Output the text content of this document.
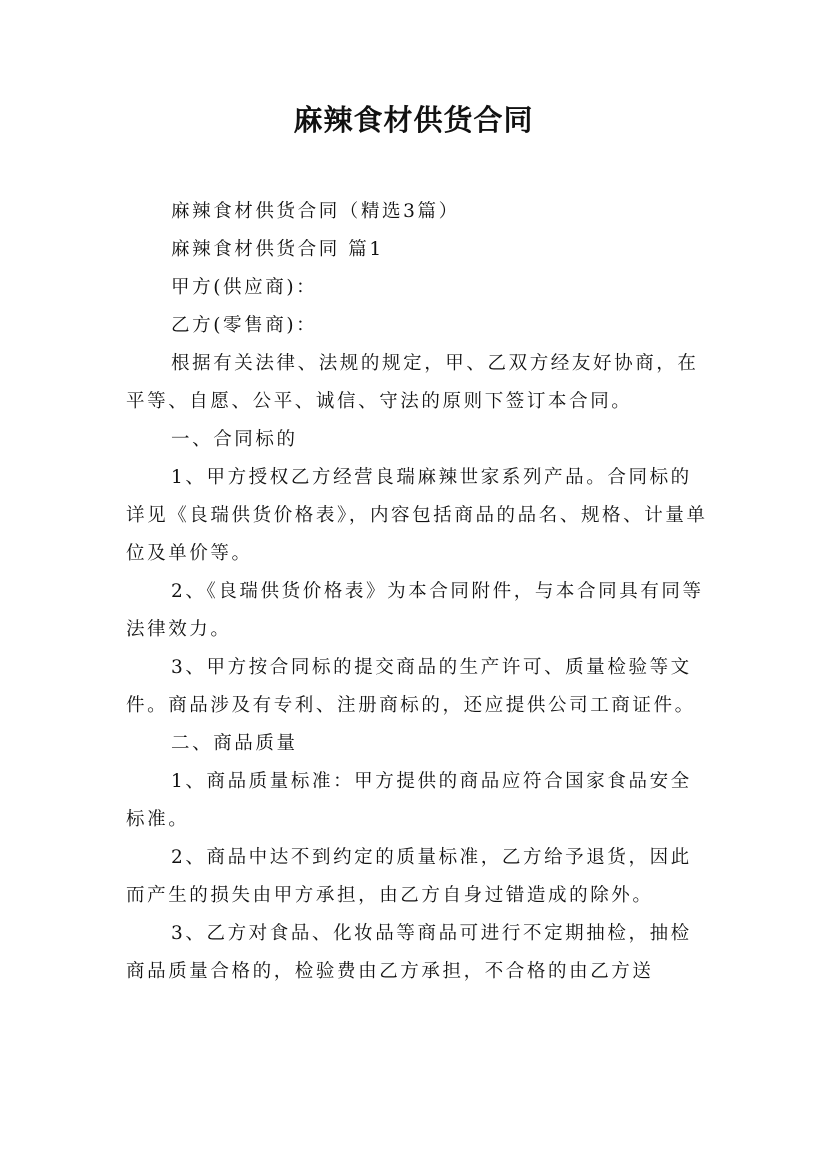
麻辣食材供货合同

麻辣食材供货合同（精选3篇）

麻辣食材供货合同 篇1

甲方(供应商)：

乙方(零售商)：

根据有关法律、法规的规定，甲、乙双方经友好协商，在平等、自愿、公平、诚信、守法的原则下签订本合同。

一、合同标的

1、甲方授权乙方经营良瑞麻辣世家系列产品。合同标的详见《良瑞供货价格表》，内容包括商品的品名、规格、计量单位及单价等。

2、《良瑞供货价格表》为本合同附件，与本合同具有同等法律效力。

3、甲方按合同标的提交商品的生产许可、质量检验等文件。商品涉及有专利、注册商标的，还应提供公司工商证件。

二、商品质量

1、商品质量标准：甲方提供的商品应符合国家食品安全标准。

2、商品中达不到约定的质量标准，乙方给予退货，因此而产生的损失由甲方承担，由乙方自身过错造成的除外。

3、乙方对食品、化妆品等商品可进行不定期抽检，抽检商品质量合格的，检验费由乙方承担，不合格的由乙方送
